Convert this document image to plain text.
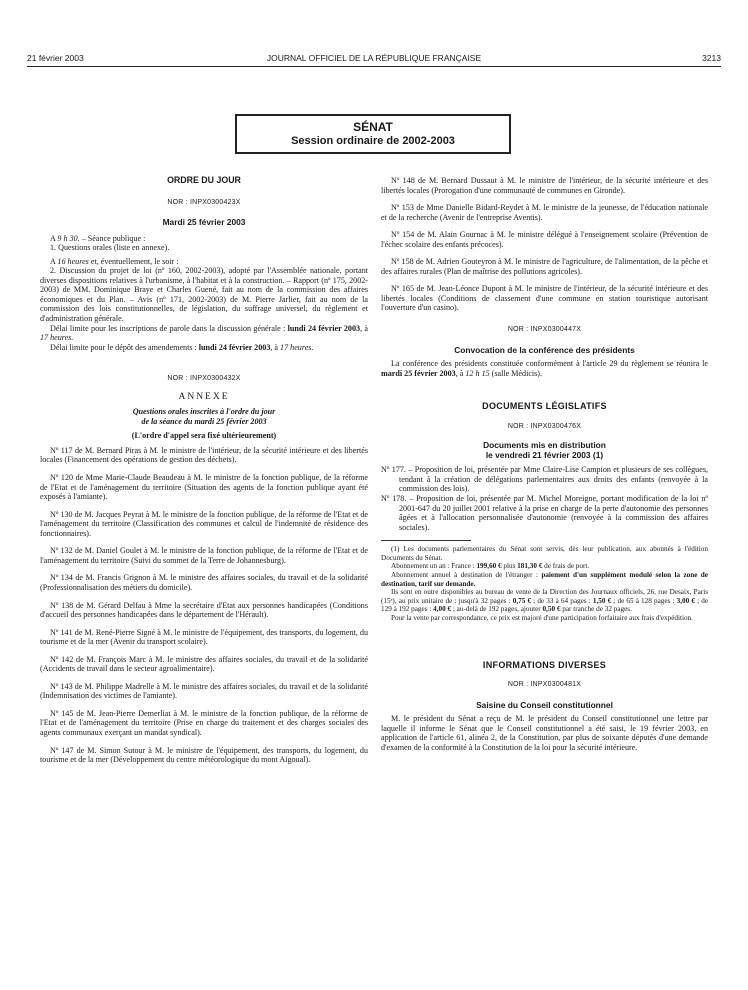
21 février 2003	JOURNAL OFFICIEL DE LA RÉPUBLIQUE FRANÇAISE	3213
SÉNAT
Session ordinaire de 2002-2003
ORDRE DU JOUR
NOR : INPX0300423X
Mardi 25 février 2003

A 9 h 30. – Séance publique :

1. Questions orales (liste en annexe).

A 16 heures et, éventuellement, le soir :

2. Discussion du projet de loi (nº 160, 2002-2003), adopté par l'Assemblée nationale, portant diverses dispositions relatives à l'urbanisme, à l'habitat et à la construction. – Rapport (nº 175, 2002-2003) de MM. Dominique Braye et Charles Guené, fait au nom de la commission des affaires économiques et du Plan. – Avis (nº 171, 2002-2003) de M. Pierre Jarlier, fait au nom de la commission des lois constitutionnelles, de législation, du suffrage universel, du règlement et d'administration générale.

Délai limite pour les inscriptions de parole dans la discussion générale : lundi 24 février 2003, à 17 heures.

Délai limite pour le dépôt des amendements : lundi 24 février 2003, à 17 heures.

NOR : INPX0300432X
ANNEXE
Questions orales inscrites à l'ordre du jour
de la séance du mardi 25 février 2003
(L'ordre d'appel sera fixé ultérieurement)

Nº 117 de M. Bernard Piras à M. le ministre de l'intérieur, de la sécurité intérieure et des libertés locales (Financement des opérations de gestion des déchets).

Nº 120 de Mme Marie-Claude Beaudeau à M. le ministre de la fonction publique, de la réforme de l'Etat et de l'aménagement du territoire (Situation des agents de la fonction publique ayant été exposés à l'amiante).

Nº 130 de M. Jacques Peyrat à M. le ministre de la fonction publique, de la réforme de l'Etat et de l'aménagement du territoire (Classification des communes et calcul de l'indemnité de résidence des fonctionnaires).

Nº 132 de M. Daniel Goulet à M. le ministre de la fonction publique, de la réforme de l'Etat et de l'aménagement du territoire (Suivi du sommet de la Terre de Johannesburg).

Nº 134 de M. Francis Grignon à M. le ministre des affaires sociales, du travail et de la solidarité (Professionnalisation des métiers du domicile).

Nº 138 de M. Gérard Delfau à Mme la secrétaire d'Etat aux personnes handicapées (Conditions d'accueil des personnes handicapées dans le département de l'Hérault).

Nº 141 de M. René-Pierre Signé à M. le ministre de l'équipement, des transports, du logement, du tourisme et de la mer (Avenir du transport scolaire).

Nº 142 de M. François Marc à M. le ministre des affaires sociales, du travail et de la solidarité (Accidents de travail dans le secteur agroalimentaire).

Nº 143 de M. Philippe Madrelle à M. le ministre des affaires sociales, du travail et de la solidarité (Indemnisation des victimes de l'amiante).

Nº 145 de M. Jean-Pierre Demerliat à M. le ministre de la fonction publique, de la réforme de l'Etat et de l'aménagement du territoire (Prise en charge du traitement et des charges sociales des agents communaux exerçant un mandat syndical).

Nº 147 de M. Simon Sutour à M. le ministre de l'équipement, des transports, du logement, du tourisme et de la mer (Développement du centre météorologique du mont Aigoual).

Nº 148 de M. Bernard Dussaut à M. le ministre de l'intérieur, de la sécurité intérieure et des libertés locales (Prorogation d'une communauté de communes en Gironde).

Nº 153 de Mme Danielle Bidard-Reydet à M. le ministre de la jeunesse, de l'éducation nationale et de la recherche (Avenir de l'entreprise Aventis).

Nº 154 de M. Alain Gournac à M. le ministre délégué à l'enseignement scolaire (Prévention de l'échec scolaire des enfants précoces).

Nº 158 de M. Adrien Gouteyron à M. le ministre de l'agriculture, de l'alimentation, de la pêche et des affaires rurales (Plan de maîtrise des pollutions agricoles).

Nº 165 de M. Jean-Léonce Dupont à M. le ministre de l'intérieur, de la sécurité intérieure et des libertés locales (Conditions de classement d'une commune en station touristique autorisant l'ouverture d'un casino).

NOR : INPX0300447X
Convocation de la conférence des présidents

La conférence des présidents constituée conformément à l'article 29 du règlement se réunira le mardi 25 février 2003, à 12 h 15 (salle Médicis).

DOCUMENTS LÉGISLATIFS
NOR : INPX0300476X
Documents mis en distribution
le vendredi 21 février 2003 (1)

Nº 177. – Proposition de loi, présentée par Mme Claire-Lise Campion et plusieurs de ses collègues, tendant à la création de délégations parlementaires aux droits des enfants (renvoyée à la commission des lois).

Nº 178. – Proposition de loi, présentée par M. Michel Moreigne, portant modification de la loi nº 2001-647 du 20 juillet 2001 relative à la prise en charge de la perte d'autonomie des personnes âgées et à l'allocation personnalisée d'autonomie (renvoyée à la commission des affaires sociales).

(1) Les documents parlementaires du Sénat sont servis, dès leur publication, aux abonnés à l'édition Documents du Sénat.

Abonnement un an : France : 199,60 € plus 181,30 € de frais de port.

Abonnement annuel à destination de l'étranger : paiement d'un supplément modulé selon la zone de destination, tarif sur demande.

Ils sont en outre disponibles au bureau de vente de la Direction des Journaux officiels, 26, rue Desaix, Paris (15ᵉ), au prix unitaire de : jusqu'à 32 pages : 0,75 € ; de 33 à 64 pages : 1,50 € ; de 65 à 128 pages : 3,00 € ; de 129 à 192 pages : 4,00 € ; au-delà de 192 pages, ajouter 0,50 € par tranche de 32 pages.

Pour la vente par correspondance, ce prix est majoré d'une participation forfaitaire aux frais d'expédition.

INFORMATIONS DIVERSES
NOR : INPX0300481X
Saisine du Conseil constitutionnel

M. le président du Sénat a reçu de M. le président du Conseil constitutionnel une lettre par laquelle il informe le Sénat que le Conseil constitutionnel a été saisi, le 19 février 2003, en application de l'article 61, alinéa 2, de la Constitution, par plus de soixante députés d'une demande d'examen de la conformité à la Constitution de la loi pour la sécurité intérieure.
